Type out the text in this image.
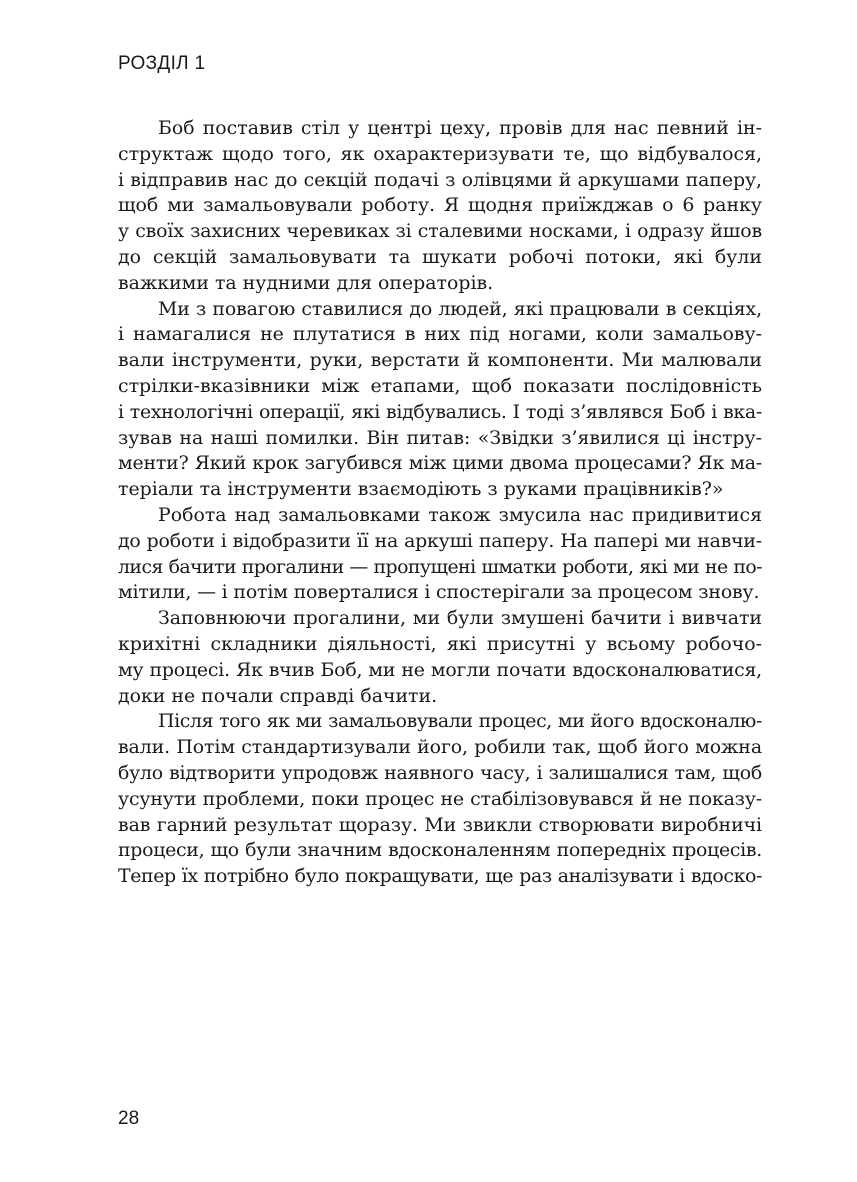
РОЗДІЛ 1

Боб поставив стіл у центрі цеху, провів для нас певний ін-
структаж щодо того, як охарактеризувати те, що відбувалося,
і відправив нас до секцій подачі з олівцями й аркушами паперу,
щоб ми замальовували роботу. Я щодня приїжджав о 6 ранку
у своїх захисних черевиках зі сталевими носками, і одразу йшов
до секцій замальовувати та шукати робочі потоки, які були
важкими та нудними для операторів.

Ми з повагою ставилися до людей, які працювали в секціях,
і намагалися не плутатися в них під ногами, коли замальову-
вали інструменти, руки, верстати й компоненти. Ми малювали
стрілки-вказівники між етапами, щоб показати послідовність
і технологічні операції, які відбувались. І тоді з’являвся Боб і вка-
зував на наші помилки. Він питав: «Звідки з’явилися ці інстру-
менти? Який крок загубився між цими двома процесами? Як ма-
теріали та інструменти взаємодіють з руками працівників?»

Робота над замальовками також змусила нас придивитися
до роботи і відобразити її на аркуші паперу. На папері ми навчи-
лися бачити прогалини — пропущені шматки роботи, які ми не по-
мітили, — і потім поверталися і спостерігали за процесом знову.

Заповнюючи прогалини, ми були змушені бачити і вивчати
крихітні складники діяльності, які присутні у всьому робочо-
му процесі. Як вчив Боб, ми не могли почати вдосконалюватися,
доки не почали справді бачити.

Після того як ми замальовували процес, ми його вдосконалю-
вали. Потім стандартизували його, робили так, щоб його можна
було відтворити упродовж наявного часу, і залишалися там, щоб
усунути проблеми, поки процес не стабілізовувався й не показу-
вав гарний результат щоразу. Ми звикли створювати виробничі
процеси, що були значним вдосконаленням попередніх процесів.
Тепер їх потрібно було покращувати, ще раз аналізувати і вдоско-

28
